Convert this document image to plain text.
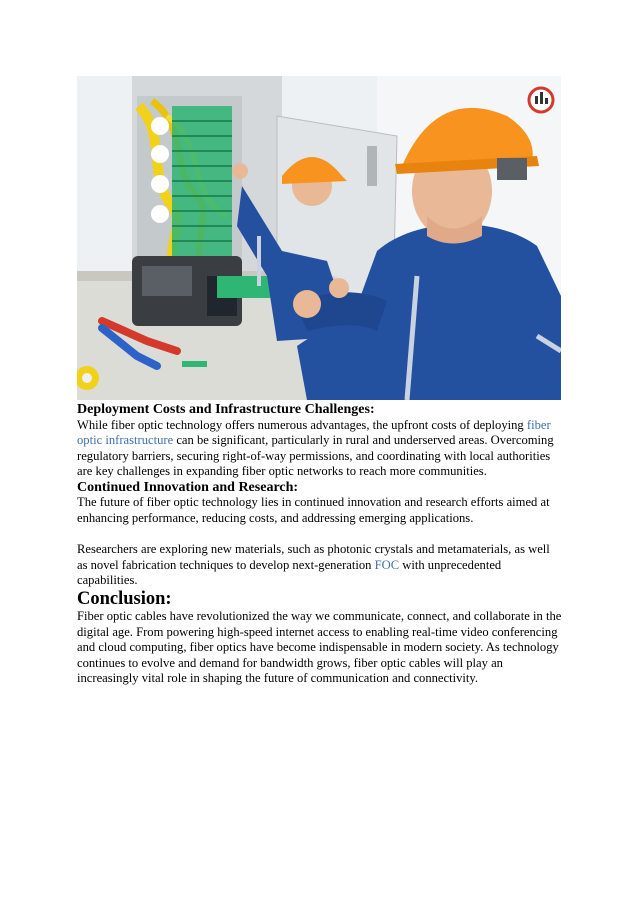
Deployment Costs and Infrastructure Challenges:

While fiber optic technology offers numerous advantages, the upfront costs of deploying fiber optic infrastructure can be significant, particularly in rural and underserved areas. Overcoming regulatory barriers, securing right-of-way permissions, and coordinating with local authorities are key challenges in expanding fiber optic networks to reach more communities.

Continued Innovation and Research:

The future of fiber optic technology lies in continued innovation and research efforts aimed at enhancing performance, reducing costs, and addressing emerging applications.

Researchers are exploring new materials, such as photonic crystals and metamaterials, as well as novel fabrication techniques to develop next-generation FOC with unprecedented capabilities.

Conclusion:

Fiber optic cables have revolutionized the way we communicate, connect, and collaborate in the digital age. From powering high-speed internet access to enabling real-time video conferencing and cloud computing, fiber optics have become indispensable in modern society. As technology continues to evolve and demand for bandwidth grows, fiber optic cables will play an increasingly vital role in shaping the future of communication and connectivity.
